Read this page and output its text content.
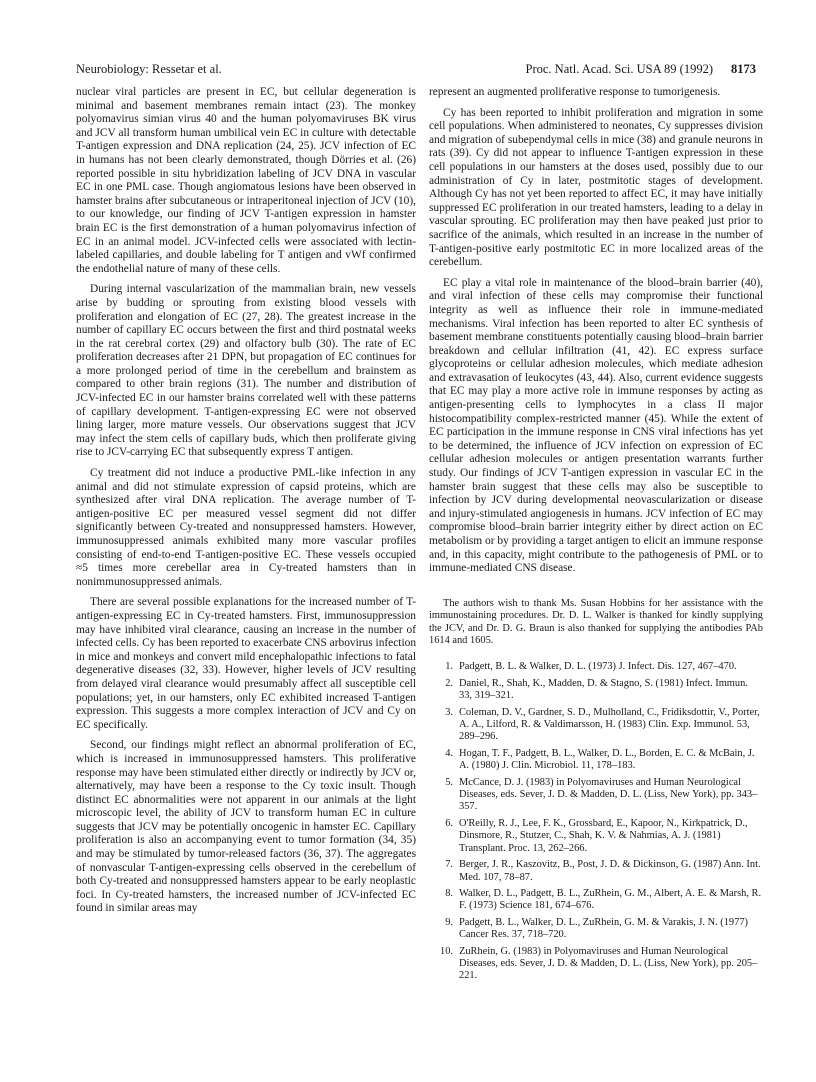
Neurobiology: Ressetar et al.	Proc. Natl. Acad. Sci. USA 89 (1992) 8173

nuclear viral particles are present in EC, but cellular degeneration is minimal and basement membranes remain intact (23). The monkey polyomavirus simian virus 40 and the human polyomaviruses BK virus and JCV all transform human umbilical vein EC in culture with detectable T-antigen expression and DNA replication (24, 25). JCV infection of EC in humans has not been clearly demonstrated, though Dörries et al. (26) reported possible in situ hybridization labeling of JCV DNA in vascular EC in one PML case. Though angiomatous lesions have been observed in hamster brains after subcutaneous or intraperitoneal injection of JCV (10), to our knowledge, our finding of JCV T-antigen expression in hamster brain EC is the first demonstration of a human polyomavirus infection of EC in an animal model. JCV-infected cells were associated with lectin-labeled capillaries, and double labeling for T antigen and vWf confirmed the endothelial nature of many of these cells.

During internal vascularization of the mammalian brain, new vessels arise by budding or sprouting from existing blood vessels with proliferation and elongation of EC (27, 28). The greatest increase in the number of capillary EC occurs between the first and third postnatal weeks in the rat cerebral cortex (29) and olfactory bulb (30). The rate of EC proliferation decreases after 21 DPN, but propagation of EC continues for a more prolonged period of time in the cerebellum and brainstem as compared to other brain regions (31). The number and distribution of JCV-infected EC in our hamster brains correlated well with these patterns of capillary development. T-antigen-expressing EC were not observed lining larger, more mature vessels. Our observations suggest that JCV may infect the stem cells of capillary buds, which then proliferate giving rise to JCV-carrying EC that subsequently express T antigen.

Cy treatment did not induce a productive PML-like infection in any animal and did not stimulate expression of capsid proteins, which are synthesized after viral DNA replication. The average number of T-antigen-positive EC per measured vessel segment did not differ significantly between Cy-treated and nonsuppressed hamsters. However, immunosuppressed animals exhibited many more vascular profiles consisting of end-to-end T-antigen-positive EC. These vessels occupied ≈5 times more cerebellar area in Cy-treated hamsters than in nonimmunosuppressed animals.

There are several possible explanations for the increased number of T-antigen-expressing EC in Cy-treated hamsters. First, immunosuppression may have inhibited viral clearance, causing an increase in the number of infected cells. Cy has been reported to exacerbate CNS arbovirus infection in mice and monkeys and convert mild encephalopathic infections to fatal degenerative diseases (32, 33). However, higher levels of JCV resulting from delayed viral clearance would presumably affect all susceptible cell populations; yet, in our hamsters, only EC exhibited increased T-antigen expression. This suggests a more complex interaction of JCV and Cy on EC specifically.

Second, our findings might reflect an abnormal proliferation of EC, which is increased in immunosuppressed hamsters. This proliferative response may have been stimulated either directly or indirectly by JCV or, alternatively, may have been a response to the Cy toxic insult. Though distinct EC abnormalities were not apparent in our animals at the light microscopic level, the ability of JCV to transform human EC in culture suggests that JCV may be potentially oncogenic in hamster EC. Capillary proliferation is also an accompanying event to tumor formation (34, 35) and may be stimulated by tumor-released factors (36, 37). The aggregates of nonvascular T-antigen-expressing cells observed in the cerebellum of both Cy-treated and nonsuppressed hamsters appear to be early neoplastic foci. In Cy-treated hamsters, the increased number of JCV-infected EC found in similar areas may

represent an augmented proliferative response to tumorigenesis.

Cy has been reported to inhibit proliferation and migration in some cell populations. When administered to neonates, Cy suppresses division and migration of subependymal cells in mice (38) and granule neurons in rats (39). Cy did not appear to influence T-antigen expression in these cell populations in our hamsters at the doses used, possibly due to our administration of Cy in later, postmitotic stages of development. Although Cy has not yet been reported to affect EC, it may have initially suppressed EC proliferation in our treated hamsters, leading to a delay in vascular sprouting. EC proliferation may then have peaked just prior to sacrifice of the animals, which resulted in an increase in the number of T-antigen-positive early postmitotic EC in more localized areas of the cerebellum.

EC play a vital role in maintenance of the blood–brain barrier (40), and viral infection of these cells may compromise their functional integrity as well as influence their role in immune-mediated mechanisms. Viral infection has been reported to alter EC synthesis of basement membrane constituents potentially causing blood–brain barrier breakdown and cellular infiltration (41, 42). EC express surface glycoproteins or cellular adhesion molecules, which mediate adhesion and extravasation of leukocytes (43, 44). Also, current evidence suggests that EC may play a more active role in immune responses by acting as antigen-presenting cells to lymphocytes in a class II major histocompatibility complex-restricted manner (45). While the extent of EC participation in the immune response in CNS viral infections has yet to be determined, the influence of JCV infection on expression of EC cellular adhesion molecules or antigen presentation warrants further study. Our findings of JCV T-antigen expression in vascular EC in the hamster brain suggest that these cells may also be susceptible to infection by JCV during developmental neovascularization or disease and injury-stimulated angiogenesis in humans. JCV infection of EC may compromise blood–brain barrier integrity either by direct action on EC metabolism or by providing a target antigen to elicit an immune response and, in this capacity, might contribute to the pathogenesis of PML or to immune-mediated CNS disease.

The authors wish to thank Ms. Susan Hobbins for her assistance with the immunostaining procedures. Dr. D. L. Walker is thanked for kindly supplying the JCV, and Dr. D. G. Braun is also thanked for supplying the antibodies PAb 1614 and 1605.
1. Padgett, B. L. & Walker, D. L. (1973) J. Infect. Dis. 127, 467–470.
2. Daniel, R., Shah, K., Madden, D. & Stagno, S. (1981) Infect. Immun. 33, 319–321.
3. Coleman, D. V., Gardner, S. D., Mulholland, C., Fridiksdottir, V., Porter, A. A., Lilford, R. & Valdimarsson, H. (1983) Clin. Exp. Immunol. 53, 289–296.
4. Hogan, T. F., Padgett, B. L., Walker, D. L., Borden, E. C. & McBain, J. A. (1980) J. Clin. Microbiol. 11, 178–183.
5. McCance, D. J. (1983) in Polyomaviruses and Human Neurological Diseases, eds. Sever, J. D. & Madden, D. L. (Liss, New York), pp. 343–357.
6. O'Reilly, R. J., Lee, F. K., Grossbard, E., Kapoor, N., Kirkpatrick, D., Dinsmore, R., Stutzer, C., Shah, K. V. & Nahmias, A. J. (1981) Transplant. Proc. 13, 262–266.
7. Berger, J. R., Kaszovitz, B., Post, J. D. & Dickinson, G. (1987) Ann. Int. Med. 107, 78–87.
8. Walker, D. L., Padgett, B. L., ZuRhein, G. M., Albert, A. E. & Marsh, R. F. (1973) Science 181, 674–676.
9. Padgett, B. L., Walker, D. L., ZuRhein, G. M. & Varakis, J. N. (1977) Cancer Res. 37, 718–720.
10. ZuRhein, G. (1983) in Polyomaviruses and Human Neurological Diseases, eds. Sever, J. D. & Madden, D. L. (Liss, New York), pp. 205–221.
